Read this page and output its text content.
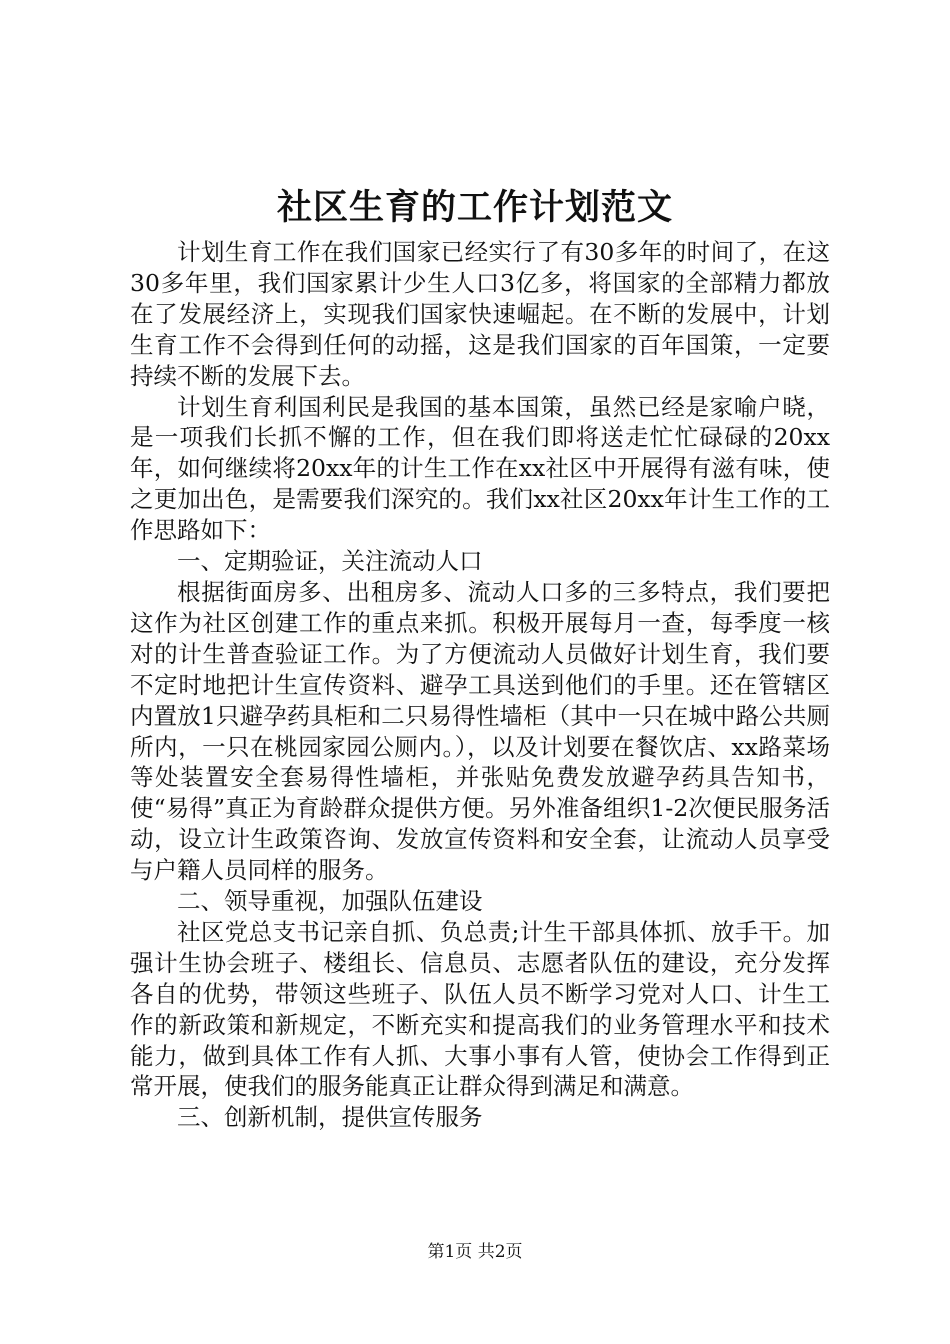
社区生育的工作计划范文

计划生育工作在我们国家已经实行了有30多年的时间了，在这30多年里，我们国家累计少生人口3亿多，将国家的全部精力都放在了发展经济上，实现我们国家快速崛起。在不断的发展中，计划生育工作不会得到任何的动摇，这是我们国家的百年国策，一定要持续不断的发展下去。

计划生育利国利民是我国的基本国策，虽然已经是家喻户晓，是一项我们长抓不懈的工作，但在我们即将送走忙忙碌碌的20xx年，如何继续将20xx年的计生工作在xx社区中开展得有滋有味，使之更加出色，是需要我们深究的。我们xx社区20xx年计生工作的工作思路如下：

一、定期验证，关注流动人口

根据街面房多、出租房多、流动人口多的三多特点，我们要把这作为社区创建工作的重点来抓。积极开展每月一查，每季度一核对的计生普查验证工作。为了方便流动人员做好计划生育，我们要不定时地把计生宣传资料、避孕工具送到他们的手里。还在管辖区内置放1只避孕药具柜和二只易得性墙柜（其中一只在城中路公共厕所内，一只在桃园家园公厕内。），以及计划要在餐饮店、xx路菜场等处装置安全套易得性墙柜，并张贴免费发放避孕药具告知书，使“易得”真正为育龄群众提供方便。另外准备组织1-2次便民服务活动，设立计生政策咨询、发放宣传资料和安全套，让流动人员享受与户籍人员同样的服务。

二、领导重视，加强队伍建设

社区党总支书记亲自抓、负总责;计生干部具体抓、放手干。加强计生协会班子、楼组长、信息员、志愿者队伍的建设，充分发挥各自的优势，带领这些班子、队伍人员不断学习党对人口、计生工作的新政策和新规定，不断充实和提高我们的业务管理水平和技术能力，做到具体工作有人抓、大事小事有人管，使协会工作得到正常开展，使我们的服务能真正让群众得到满足和满意。

三、创新机制，提供宣传服务

第1页 共2页
